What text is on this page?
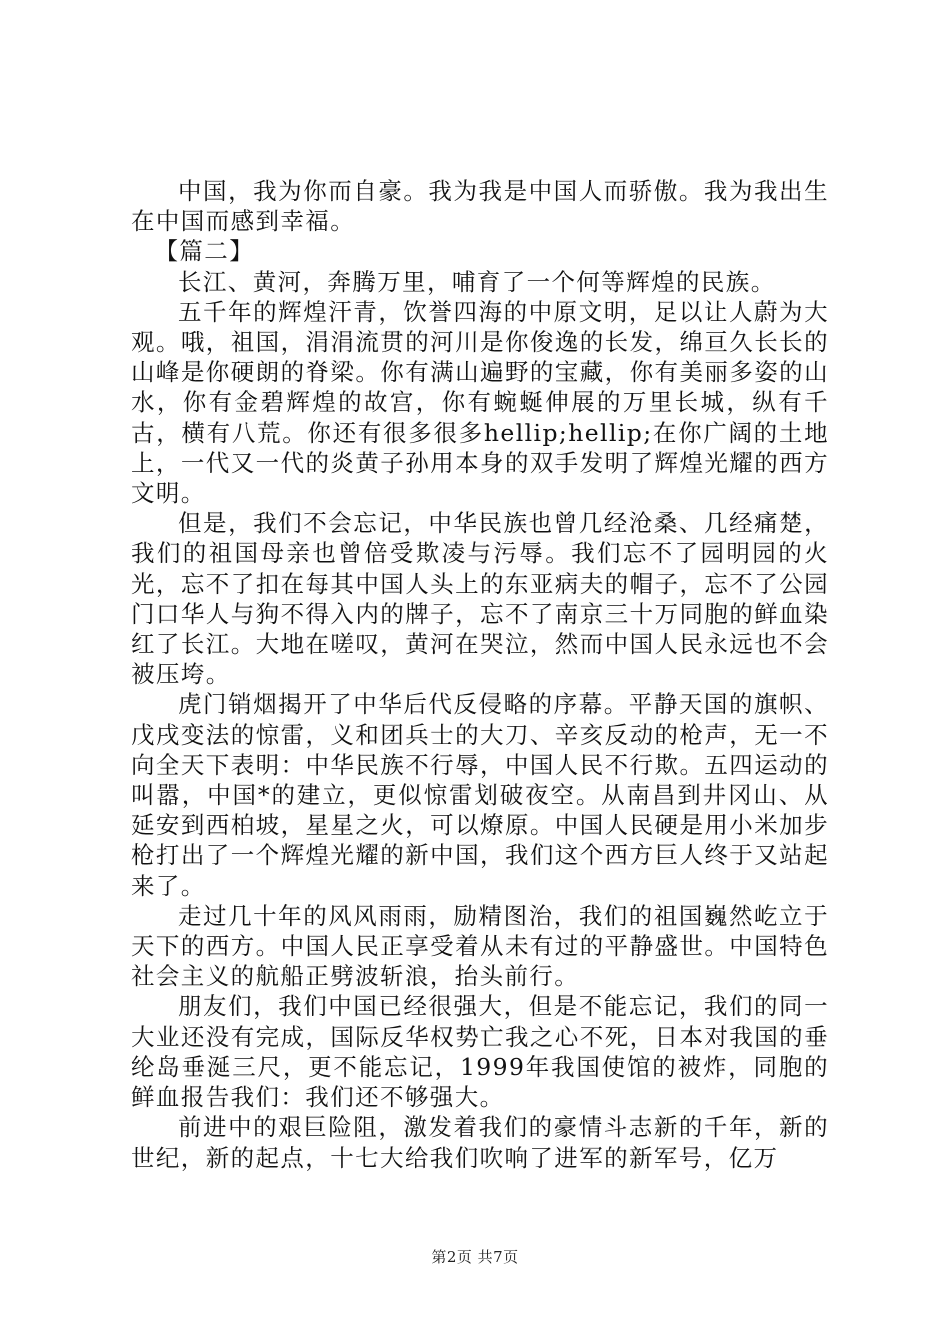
中国，我为你而自豪。我为我是中国人而骄傲。我为我出生在中国而感到幸福。

【篇二】

长江、黄河，奔腾万里，哺育了一个何等辉煌的民族。

五千年的辉煌汗青，饮誉四海的中原文明，足以让人蔚为大观。哦，祖国，涓涓流贯的河川是你俊逸的长发，绵亘久长长的山峰是你硬朗的脊梁。你有满山遍野的宝藏，你有美丽多姿的山水，你有金碧辉煌的故宫，你有蜿蜒伸展的万里长城，纵有千古，横有八荒。你还有很多很多hellip;hellip;在你广阔的土地上，一代又一代的炎黄子孙用本身的双手发明了辉煌光耀的西方文明。

但是，我们不会忘记，中华民族也曾几经沧桑、几经痛楚，我们的祖国母亲也曾倍受欺凌与污辱。我们忘不了园明园的火光，忘不了扣在每其中国人头上的东亚病夫的帽子，忘不了公园门口华人与狗不得入内的牌子，忘不了南京三十万同胞的鲜血染红了长江。大地在嗟叹，黄河在哭泣，然而中国人民永远也不会被压垮。

虎门销烟揭开了中华后代反侵略的序幕。平静天国的旗帜、戊戌变法的惊雷，义和团兵士的大刀、辛亥反动的枪声，无一不向全天下表明：中华民族不行辱，中国人民不行欺。五四运动的叫嚣，中国*的建立，更似惊雷划破夜空。从南昌到井冈山、从延安到西柏坡，星星之火，可以燎原。中国人民硬是用小米加步枪打出了一个辉煌光耀的新中国，我们这个西方巨人终于又站起来了。

走过几十年的风风雨雨，励精图治，我们的祖国巍然屹立于天下的西方。中国人民正享受着从未有过的平静盛世。中国特色社会主义的航船正劈波斩浪，抬头前行。

朋友们，我们中国已经很强大，但是不能忘记，我们的同一大业还没有完成，国际反华权势亡我之心不死，日本对我国的垂纶岛垂涎三尺，更不能忘记，1999年我国使馆的被炸，同胞的鲜血报告我们：我们还不够强大。

前进中的艰巨险阻，激发着我们的豪情斗志新的千年，新的世纪，新的起点，十七大给我们吹响了进军的新军号，亿万

第2页 共7页
